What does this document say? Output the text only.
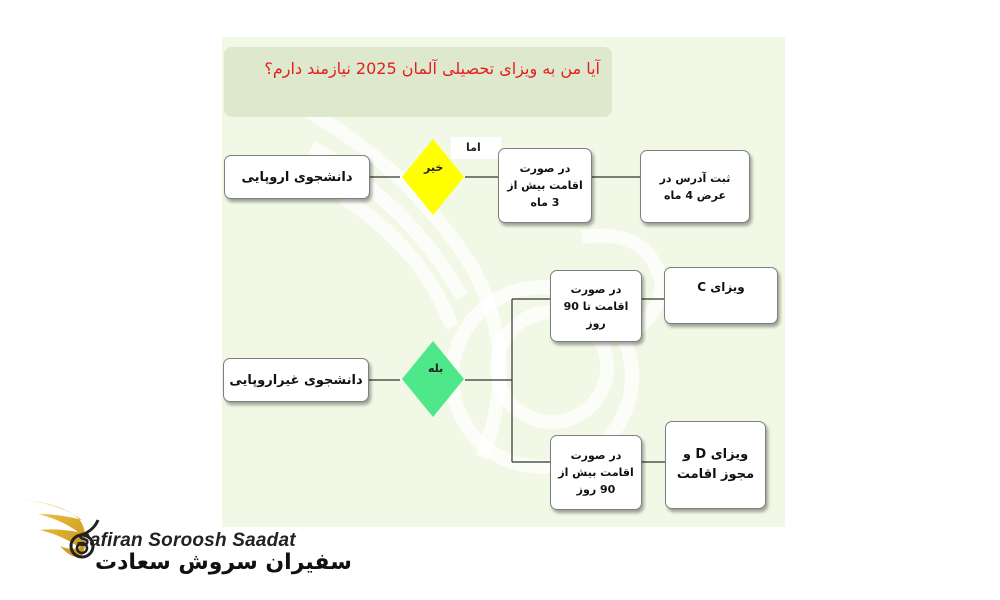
آیا من به ویزای تحصیلی آلمان 2025 نیازمند دارم؟
دانشجوی اروپایی
خیر
اما
در صورت
اقامت بیش از
3 ماه
ثبت آدرس در
عرض 4 ماه
دانشجوی غیراروپایی
بله
در صورت
اقامت تا 90
روز
ویزای C
در صورت
اقامت بیش از
90 روز
ویزای D و
مجوز اقامت
Safiran Soroosh Saadat
سفیران سروش سعادت
